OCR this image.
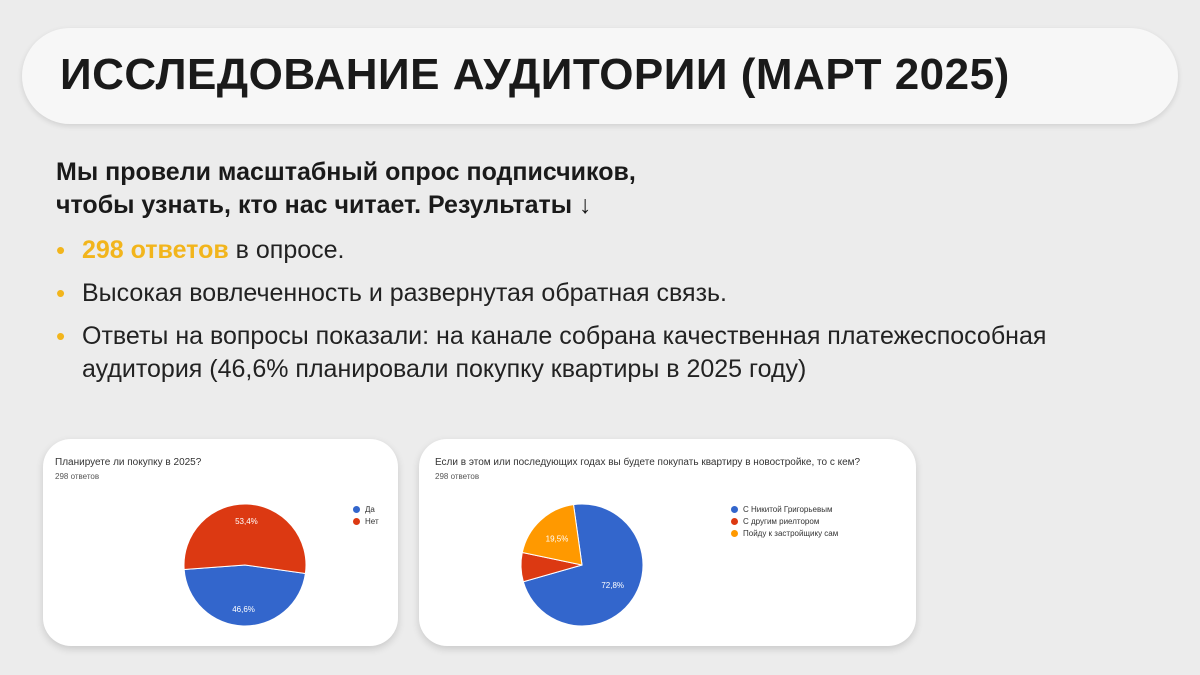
ИССЛЕДОВАНИЕ АУДИТОРИИ (МАРТ 2025)
Мы провели масштабный опрос подписчиков,
чтобы узнать, кто нас читает. Результаты ↓
• 298 ответов в опросе.
• Высокая вовлеченность и развернутая обратная связь.
• Ответы на вопросы показали: на канале собрана качественная платежеспособная аудитория (46,6% планировали покупку квартиры в 2025 году)
Планируете ли покупку в 2025?
298 ответов
46,6%
53,4%
Да
Нет
Если в этом или последующих годах вы будете покупать квартиру в новостройке, то с кем?
298 ответов
72,8%
19,5%
С Никитой Григорьевым
С другим риелтором
Пойду к застройщику сам
